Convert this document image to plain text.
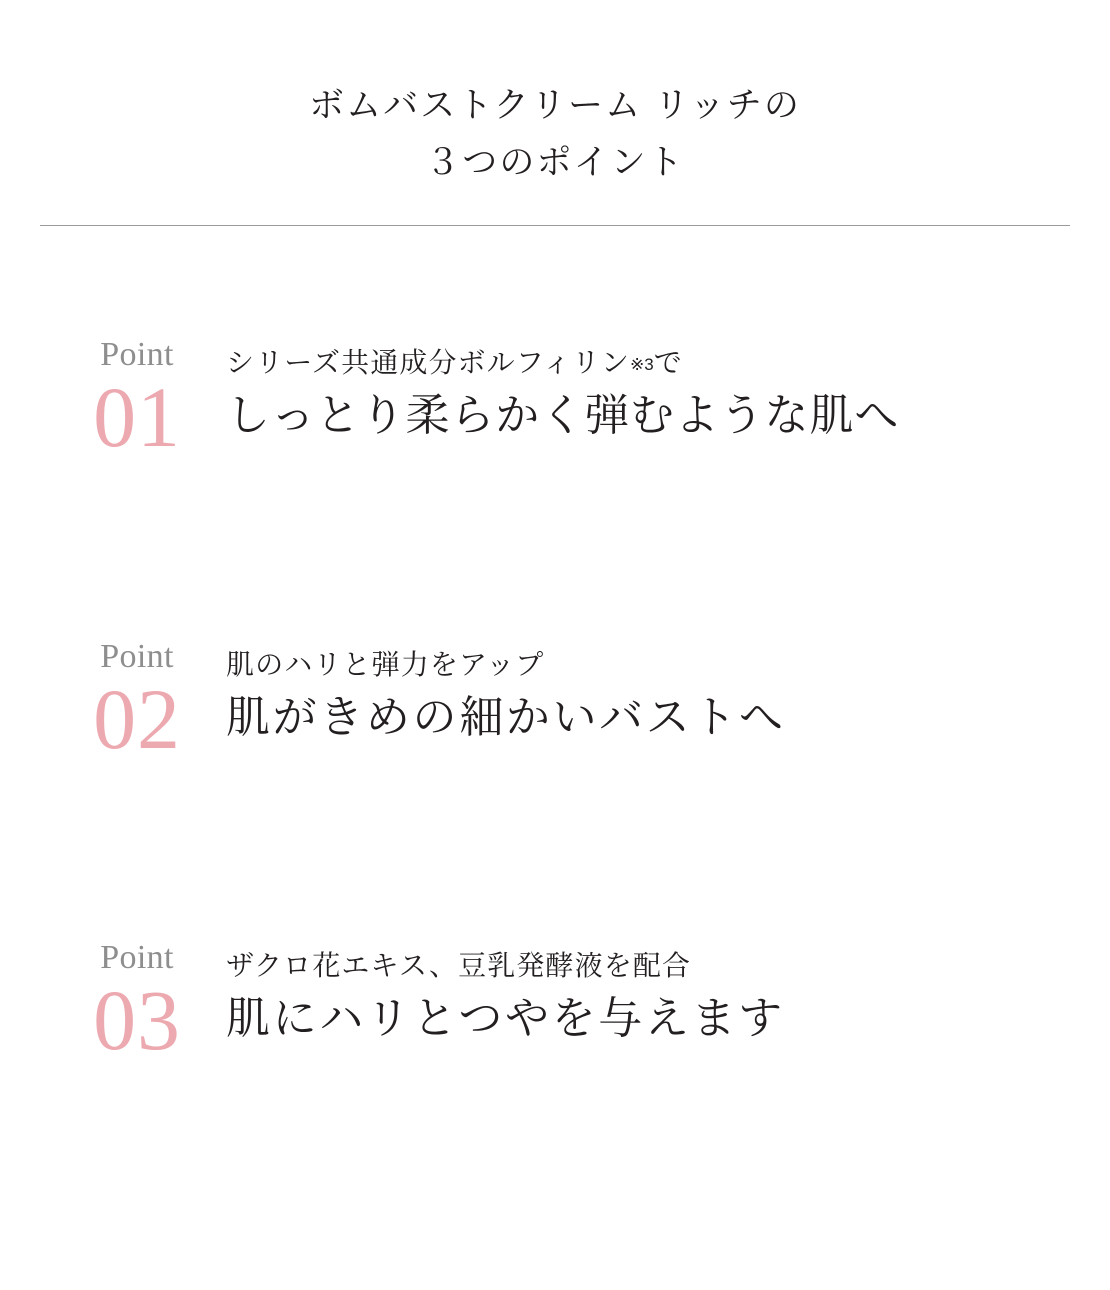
ボムバストクリーム リッチの
３つのポイント
Point
01

シリーズ共通成分ボルフィリン※3で

しっとり柔らかく弾むような肌へ

Point
02

肌のハリと弾力をアップ

肌がきめの細かいバストへ

Point
03

ザクロ花エキス、豆乳発酵液を配合

肌にハリとつやを与えます
